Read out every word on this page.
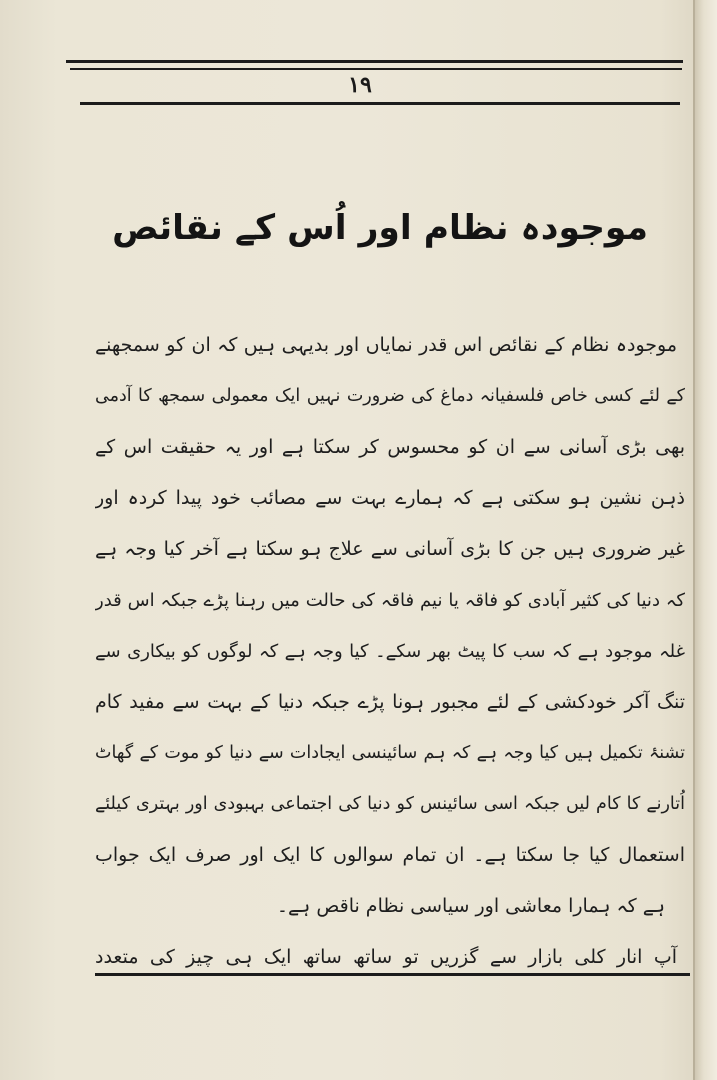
١٩
موجودہ نظام اور اُس کے نقائص
موجودہ نظام کے نقائص اس قدر نمایاں اور بدیہی ہیں کہ ان کو سمجھنے
کے لئے کسی خاص فلسفیانہ دماغ کی ضرورت نہیں ایک معمولی سمجھ کا آدمی
بھی بڑی آسانی سے ان کو محسوس کر سکتا ہے اور یہ حقیقت اس کے
ذہن نشین ہو سکتی ہے کہ ہمارے بہت سے مصائب خود پیدا کردہ اور
غیر ضروری ہیں جن کا بڑی آسانی سے علاج ہو سکتا ہے آخر کیا وجہ ہے
کہ دنیا کی کثیر آبادی کو فاقہ یا نیم فاقہ کی حالت میں رہنا پڑے جبکہ اس قدر
غلہ موجود ہے کہ سب کا پیٹ بھر سکے۔ کیا وجہ ہے کہ لوگوں کو بیکاری سے
تنگ آکر خودکشی کے لئے مجبور ہونا پڑے جبکہ دنیا کے بہت سے مفید کام
تشنۂ تکمیل ہیں کیا وجہ ہے کہ ہم سائینسی ایجادات سے دنیا کو موت کے گھاٹ
اُتارنے کا کام لیں جبکہ اسی سائینس کو دنیا کی اجتماعی بہبودی اور بہتری کیلئے
استعمال کیا جا سکتا ہے۔ ان تمام سوالوں کا ایک اور صرف ایک جواب
ہے کہ ہمارا معاشی اور سیاسی نظام ناقص ہے۔
آپ انار کلی بازار سے گزریں تو ساتھ ساتھ ایک ہی چیز کی متعدد
